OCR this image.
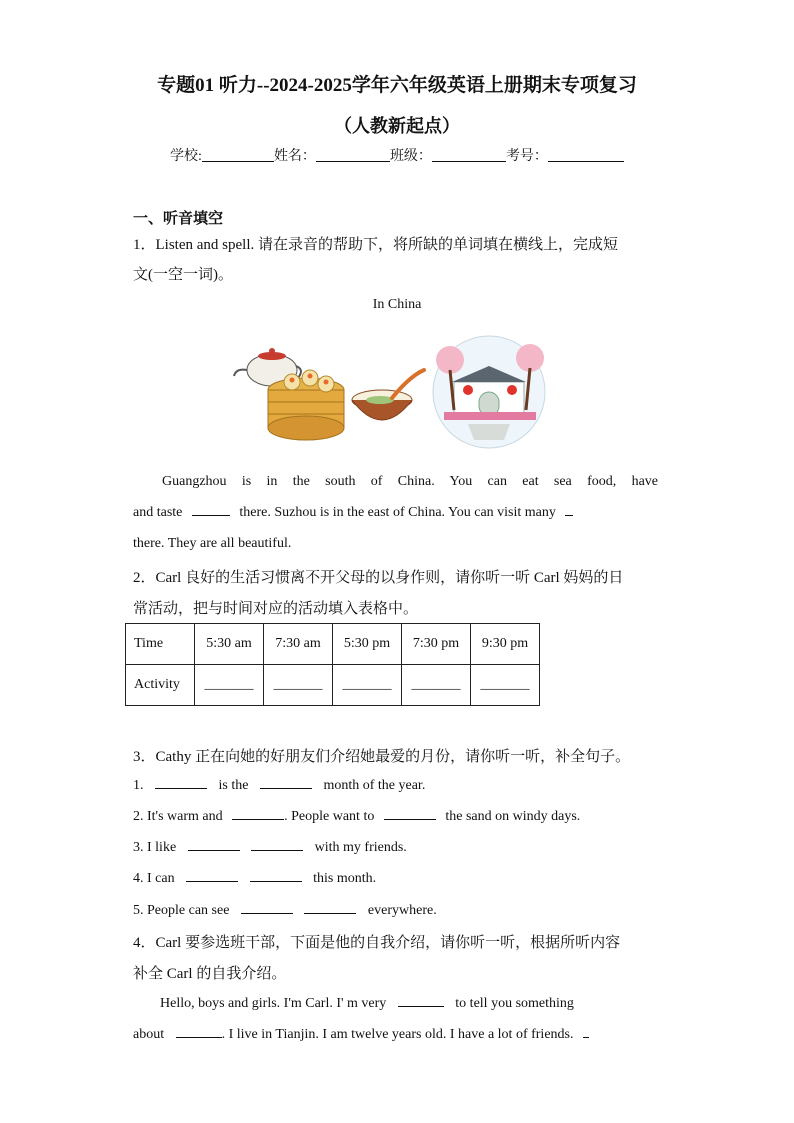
专题01 听力--2024-2025学年六年级英语上册期末专项复习
（人教新起点）
学校:	姓名：	班级：	考号：
一、听音填空
1．Listen and spell. 请在录音的帮助下，将所缺的单词填在横线上，完成短
文(一空一词)。
In China
Guangzhou is in the south of China. You can eat sea food, have
and taste	there. Suzhou is in the east of China. You can visit many
there. They are all beautiful.
2．Carl 良好的生活习惯离不开父母的以身作则，请你听一听 Carl 妈妈的日
常活动，把与时间对应的活动填入表格中。
Time	5:30 am	7:30 am	5:30 pm	7:30 pm	9:30 pm
Activity	_______	_______	_______	_______	_______
3．Cathy 正在向她的好朋友们介绍她最爱的月份，请你听一听，补全句子。
1.	is the	month of the year.
2. It's warm and	. People want to	the sand on windy days.
3. I like	with my friends.
4. I can	this month.
5. People can see	everywhere.
4．Carl 要参选班干部，下面是他的自我介绍，请你听一听，根据所听内容
补全 Carl 的自我介绍。
Hello, boys and girls. I'm Carl. I' m very	to tell you something
about	. I live in Tianjin. I am twelve years old. I have a lot of friends.
